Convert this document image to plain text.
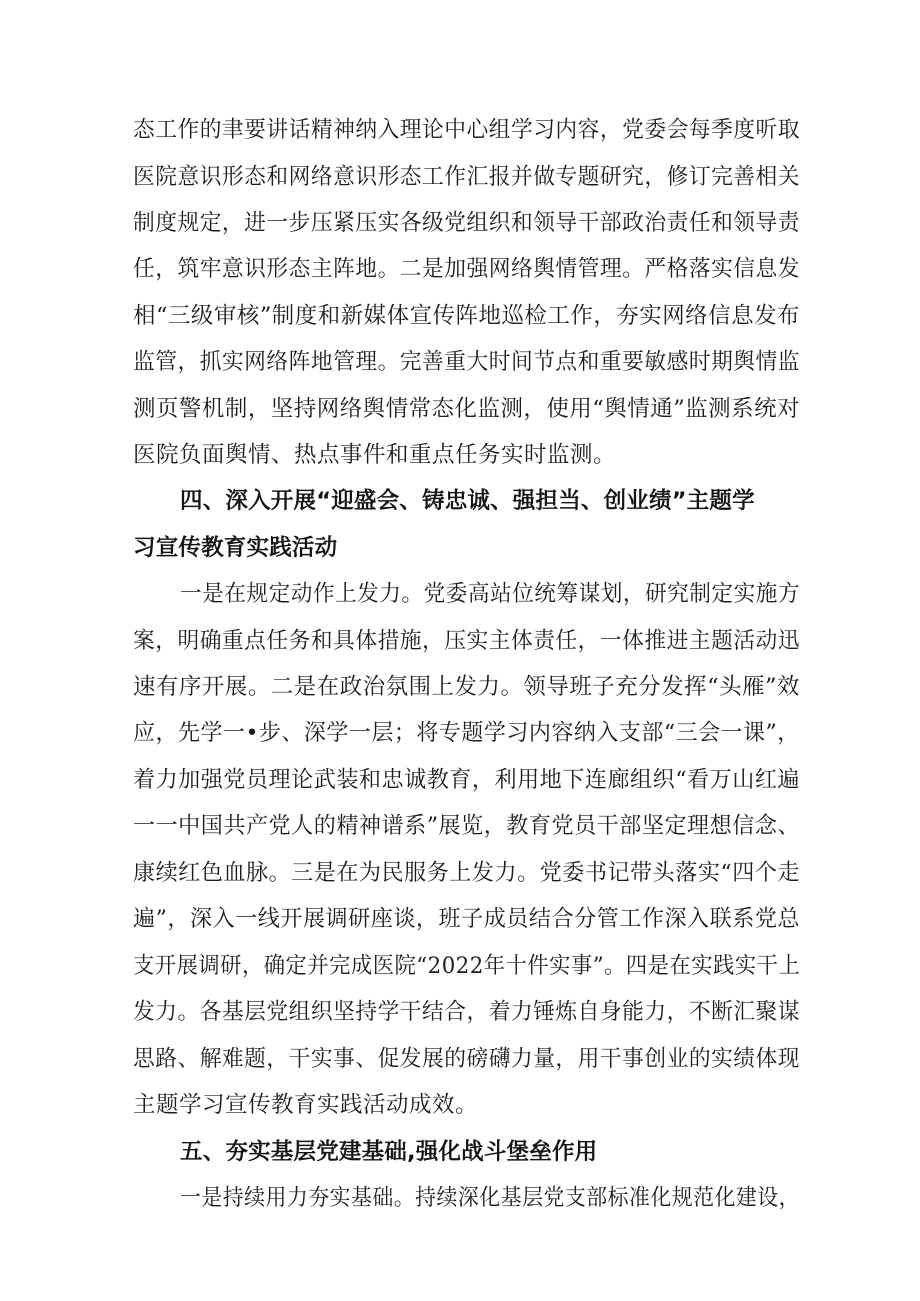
态工作的聿要讲话精神纳入理论中心组学习内容，党委会每季度听取
医院意识形态和网络意识形态工作汇报并做专题研究，修订完善相关
制度规定，进一步压紧压实各级党组织和领导干部政治责任和领导责
任，筑牢意识形态主阵地。二是加强网络舆情管理。严格落实信息发
相“三级审核”制度和新媒体宣传阵地巡检工作，夯实网络信息发布
监管，抓实网络阵地管理。完善重大时间节点和重要敏感时期舆情监
测页警机制，坚持网络舆情常态化监测，使用“舆情通”监测系统对
医院负面舆情、热点事件和重点任务实时监测。
四、深入开展“迎盛会、铸忠诚、强担当、创业绩”主题学
习宣传教育实践活动
一是在规定动作上发力。党委高站位统筹谋划，研究制定实施方
案，明确重点任务和具体措施，压实主体责任，一体推进主题活动迅
速有序开展。二是在政治氛围上发力。领导班子充分发挥“头雁”效
应，先学一•步、深学一层；将专题学习内容纳入支部“三会一课”，
着力加强党员理论武装和忠诚教育，利用地下连廊组织“看万山红遍
一一中国共产党人的精神谱系”展览，教育党员干部坚定理想信念、
康续红色血脉。三是在为民服务上发力。党委书记带头落实“四个走
遍”，深入一线开展调研座谈，班子成员结合分管工作深入联系党总
支开展调研，确定并完成医院“2022年十件实事”。四是在实践实干上
发力。各基层党组织坚持学干结合，着力锤炼自身能力，不断汇聚谋
思路、解难题，干实事、促发展的磅礴力量，用干事创业的实绩体现
主题学习宣传教育实践活动成效。
五、夯实基层党建基础,强化战斗堡垒作用
一是持续用力夯实基础。持续深化基层党支部标准化规范化建设，
